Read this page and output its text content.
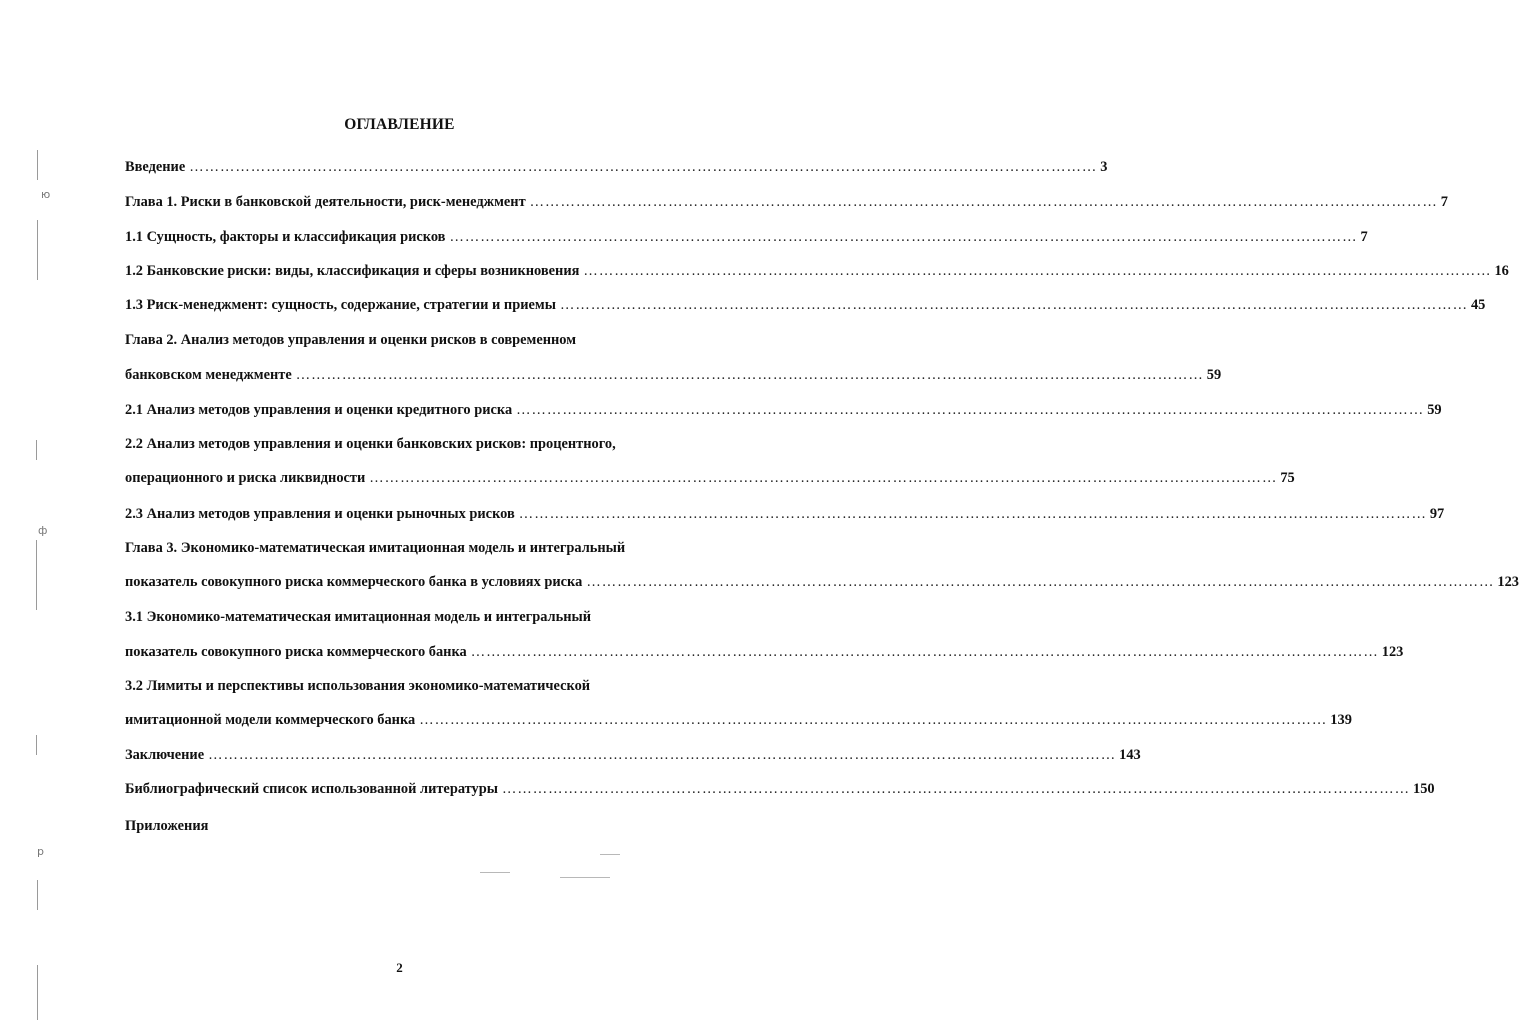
ю
ф
р
ОГЛАВЛЕНИЕ
Введение …………………………………………………………………………………………………………………………………………………………… 3
Глава 1. Риски в банковской деятельности, риск-менеджмент …………………………………………………………………………………………………………………………………………………………… 7
1.1 Сущность, факторы и классификация рисков …………………………………………………………………………………………………………………………………………………………… 7
1.2 Банковские риски: виды, классификация и сферы возникновения …………………………………………………………………………………………………………………………………………………………… 16
1.3 Риск-менеджмент: сущность, содержание, стратегии и приемы …………………………………………………………………………………………………………………………………………………………… 45
Глава 2. Анализ методов управления и оценки рисков в современном
банковском менеджменте …………………………………………………………………………………………………………………………………………………………… 59
2.1 Анализ методов управления и оценки кредитного риска …………………………………………………………………………………………………………………………………………………………… 59
2.2 Анализ методов управления и оценки банковских рисков: процентного,
операционного и риска ликвидности …………………………………………………………………………………………………………………………………………………………… 75
2.3 Анализ методов управления и оценки рыночных рисков …………………………………………………………………………………………………………………………………………………………… 97
Глава 3. Экономико-математическая имитационная модель и интегральный
показатель совокупного риска коммерческого банка в условиях риска …………………………………………………………………………………………………………………………………………………………… 123
3.1 Экономико-математическая имитационная модель и интегральный
показатель совокупного риска коммерческого банка …………………………………………………………………………………………………………………………………………………………… 123
3.2 Лимиты и перспективы использования экономико-математической
имитационной модели коммерческого банка …………………………………………………………………………………………………………………………………………………………… 139
Заключение …………………………………………………………………………………………………………………………………………………………… 143
Библиографический список использованной литературы …………………………………………………………………………………………………………………………………………………………… 150
Приложения
2
